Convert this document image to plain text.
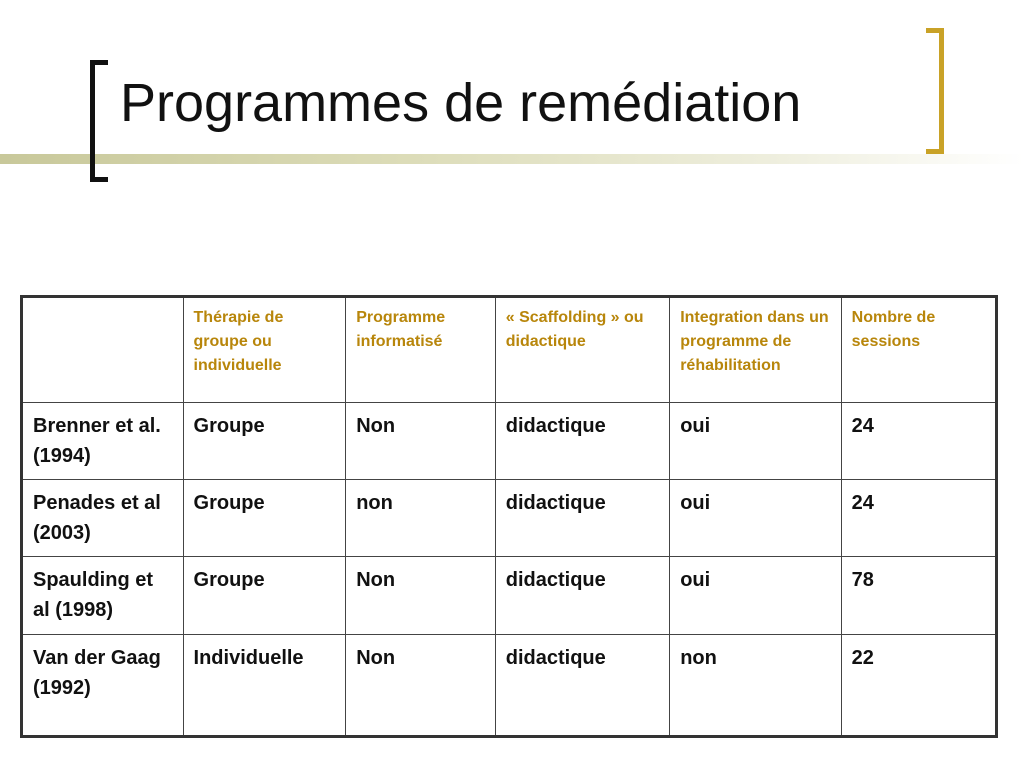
Programmes de remédiation
	Thérapie de groupe ou individuelle	Programme informatisé	« Scaffolding » ou didactique	Integration dans un programme de réhabilitation	Nombre de sessions
Brenner et al. (1994)	Groupe	Non	didactique	oui	24
Penades et al (2003)	Groupe	non	didactique	oui	24
Spaulding et al (1998)	Groupe	Non	didactique	oui	78
Van der Gaag (1992)	Individuelle	Non	didactique	non	22
